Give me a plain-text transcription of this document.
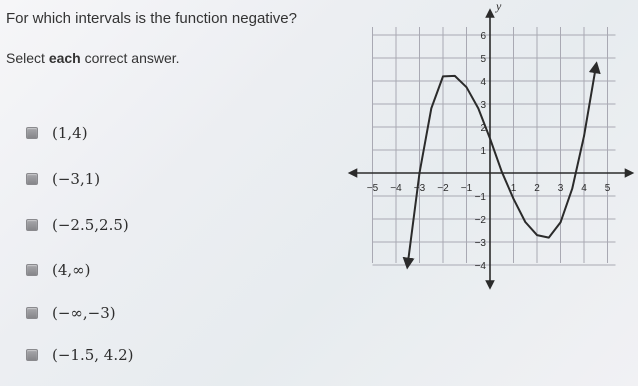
For which intervals is the function negative?
Select each correct answer.
(1,4)
(−3,1)
(−2.5,2.5)
(4,∞)
(−∞,−3)
(−1.5, 4.2)
−5 −4 −3 −2 −1	1 2 3 4 5
6
5
4
3
2
1
−1
−2
−3
−4
y
